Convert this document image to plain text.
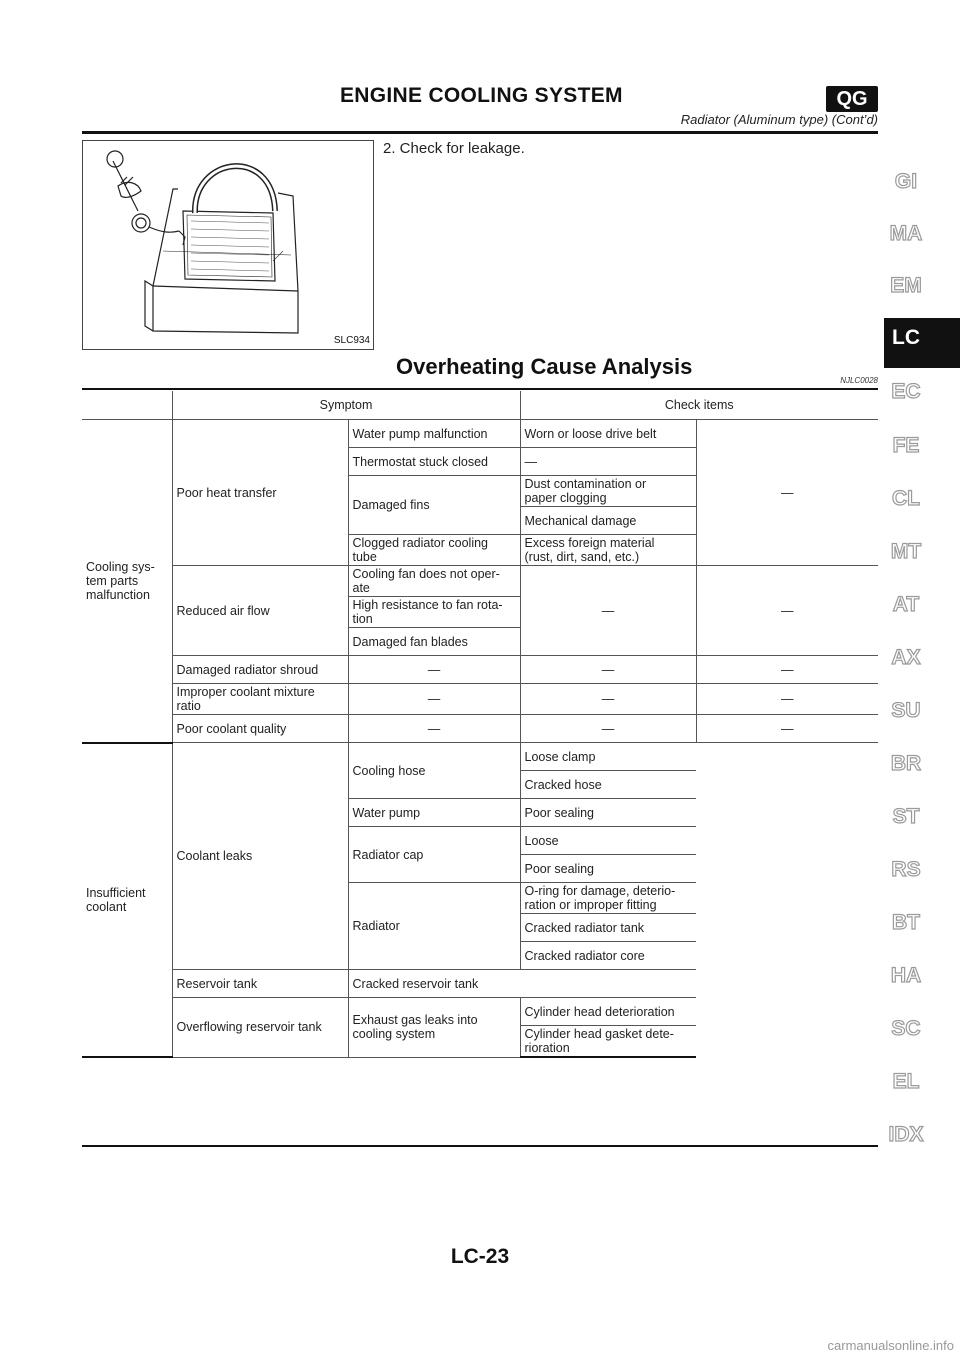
ENGINE COOLING SYSTEM	QG
Radiator (Aluminum type) (Cont’d)
SLC934
2. Check for leakage.
Overheating Cause Analysis
NJLC0028
	Symptom		Check items	
Cooling sys-
tem parts
malfunction	Poor heat transfer	Water pump malfunction	Worn or loose drive belt	—
		Thermostat stuck closed	—	
		Damaged fins	Dust contamination or
paper clogging	
			Mechanical damage	
		Clogged radiator cooling
tube	Excess foreign material
(rust, dirt, sand, etc.)	
	Reduced air flow	Cooling fan does not oper-
ate	—	—
		High resistance to fan rota-
tion		
		Damaged fan blades		
	Damaged radiator shroud	—	—	—
	Improper coolant mixture
ratio	—	—	—
	Poor coolant quality	—	—	—
Insufficient coolant	Coolant leaks	Cooling hose	Loose clamp	
			Cracked hose	
		Water pump	Poor sealing	
		Radiator cap	Loose	
			Poor sealing	
		Radiator	O-ring for damage, deterio-
ration or improper fitting	
			Cracked radiator tank	
			Cracked radiator core	
	Reservoir tank	Cracked reservoir tank		
	Overflowing reservoir tank	Exhaust gas leaks into
cooling system	Cylinder head deterioration	
			Cylinder head gasket dete-
rioration	
GI
MA
EM
LC
EC
FE
CL
MT
AT
AX
SU
BR
ST
RS
BT
HA
SC
EL
IDX
LC-23
carmanualsonline.info
